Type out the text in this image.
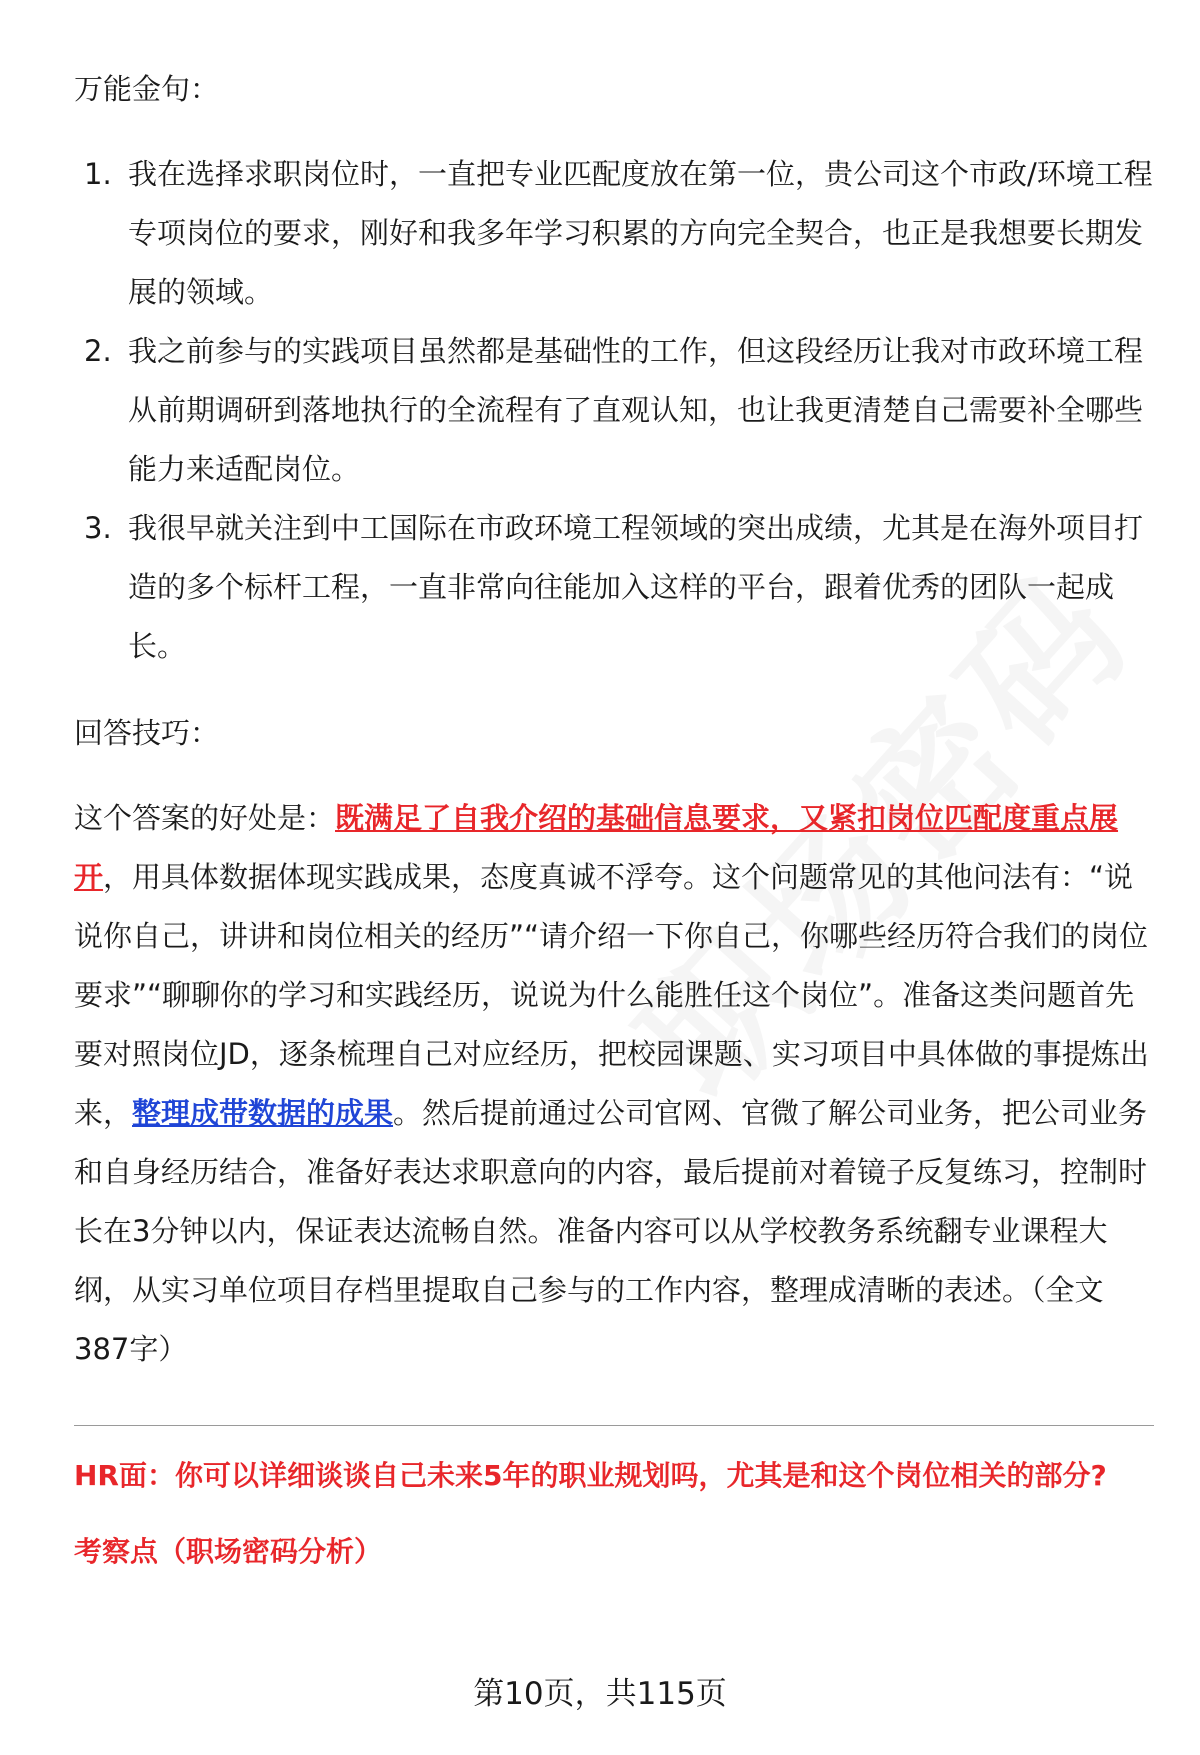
万能金句：

1. 我在选择求职岗位时，一直把专业匹配度放在第一位，贵公司这个市政/环境工程专项岗位的要求，刚好和我多年学习积累的方向完全契合，也正是我想要长期发展的领域。
2. 我之前参与的实践项目虽然都是基础性的工作，但这段经历让我对市政环境工程从前期调研到落地执行的全流程有了直观认知，也让我更清楚自己需要补全哪些能力来适配岗位。
3. 我很早就关注到中工国际在市政环境工程领域的突出成绩，尤其是在海外项目打造的多个标杆工程，一直非常向往能加入这样的平台，跟着优秀的团队一起成长。

回答技巧：

这个答案的好处是：既满足了自我介绍的基础信息要求，又紧扣岗位匹配度重点展开，用具体数据体现实践成果，态度真诚不浮夸。这个问题常见的其他问法有：“说说你自己，讲讲和岗位相关的经历”“请介绍一下你自己，你哪些经历符合我们的岗位要求”“聊聊你的学习和实践经历，说说为什么能胜任这个岗位”。准备这类问题首先要对照岗位JD，逐条梳理自己对应经历，把校园课题、实习项目中具体做的事提炼出来，整理成带数据的成果。然后提前通过公司官网、官微了解公司业务，把公司业务和自身经历结合，准备好表达求职意向的内容，最后提前对着镜子反复练习，控制时长在3分钟以内，保证表达流畅自然。准备内容可以从学校教务系统翻专业课程大纲，从实习单位项目存档里提取自己参与的工作内容，整理成清晰的表述。（全文387字）

HR面：你可以详细谈谈自己未来5年的职业规划吗，尤其是和这个岗位相关的部分?

考察点（职场密码分析）

第10页，共115页
